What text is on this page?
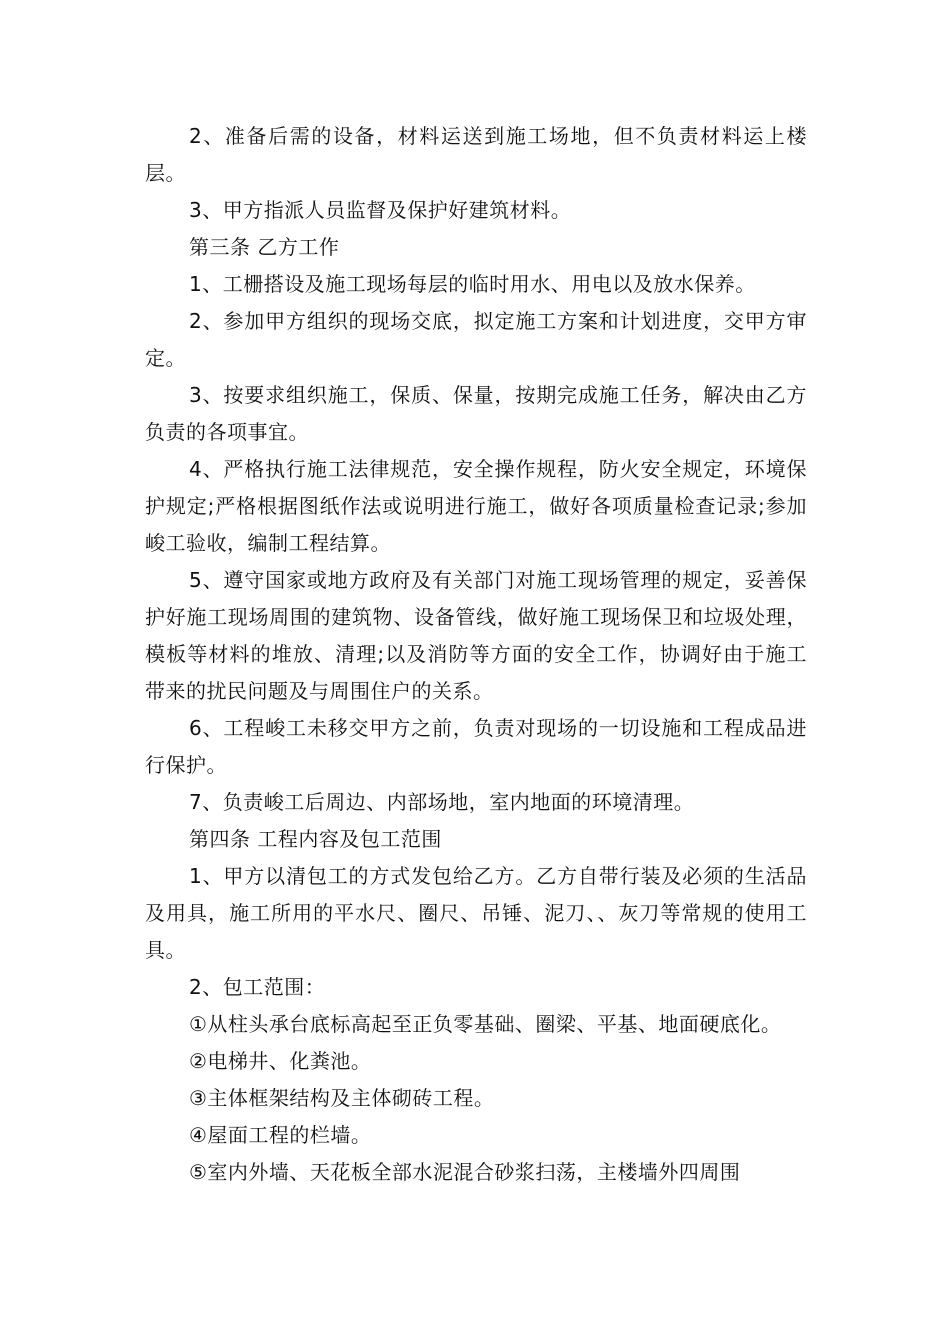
2、准备后需的设备，材料运送到施工场地，但不负责材料运上楼层。

3、甲方指派人员监督及保护好建筑材料。

第三条 乙方工作

1、工栅搭设及施工现场每层的临时用水、用电以及放水保养。

2、参加甲方组织的现场交底，拟定施工方案和计划进度，交甲方审定。

3、按要求组织施工，保质、保量，按期完成施工任务，解决由乙方负责的各项事宜。

4、严格执行施工法律规范，安全操作规程，防火安全规定，环境保护规定;严格根据图纸作法或说明进行施工，做好各项质量检查记录;参加峻工验收，编制工程结算。

5、遵守国家或地方政府及有关部门对施工现场管理的规定，妥善保护好施工现场周围的建筑物、设备管线，做好施工现场保卫和垃圾处理，模板等材料的堆放、清理;以及消防等方面的安全工作，协调好由于施工带来的扰民问题及与周围住户的关系。

6、工程峻工未移交甲方之前，负责对现场的一切设施和工程成品进行保护。

7、负责峻工后周边、内部场地，室内地面的环境清理。

第四条 工程内容及包工范围

1、甲方以清包工的方式发包给乙方。乙方自带行装及必须的生活品及用具，施工所用的平水尺、圈尺、吊锤、泥刀、、灰刀等常规的使用工具。

2、包工范围：

①从柱头承台底标高起至正负零基础、圈梁、平基、地面硬底化。

②电梯井、化粪池。

③主体框架结构及主体砌砖工程。

④屋面工程的栏墙。

⑤室内外墙、天花板全部水泥混合砂浆扫荡，主楼墙外四周围
